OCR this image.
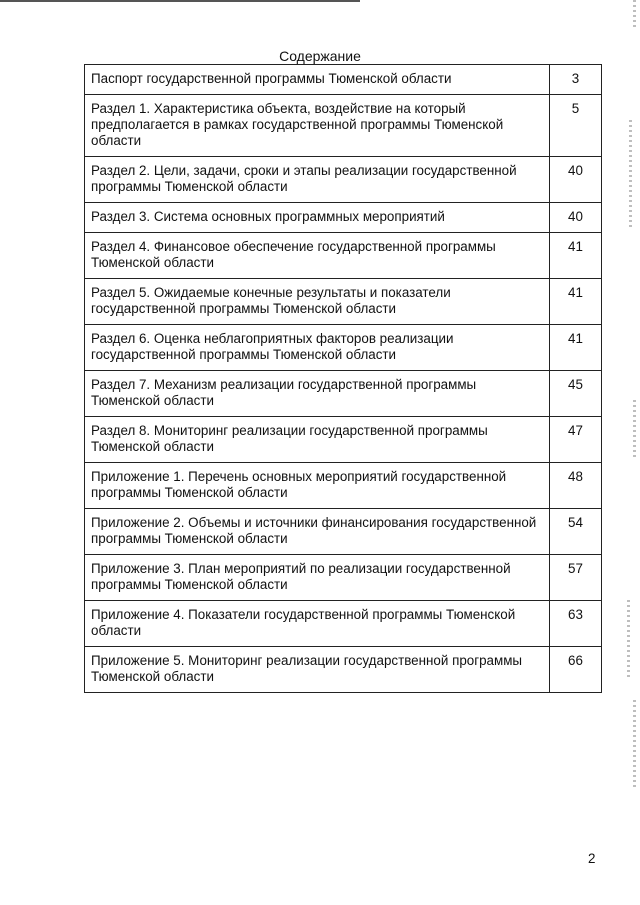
Содержание
Паспорт государственной программы Тюменской области	3
Раздел 1. Характеристика объекта, воздействие на который предполагается в рамках государственной программы Тюменской области	5
Раздел 2. Цели, задачи, сроки и этапы реализации государственной программы Тюменской области	40
Раздел 3. Система основных программных мероприятий	40
Раздел 4. Финансовое обеспечение государственной программы Тюменской области	41
Раздел 5. Ожидаемые конечные результаты и показатели государственной программы Тюменской области	41
Раздел 6. Оценка неблагоприятных факторов реализации государственной программы Тюменской области	41
Раздел 7. Механизм реализации государственной программы Тюменской области	45
Раздел 8. Мониторинг реализации государственной программы Тюменской области	47
Приложение 1. Перечень основных мероприятий государственной программы Тюменской области	48
Приложение 2. Объемы и источники финансирования государственной программы Тюменской области	54
Приложение 3. План мероприятий по реализации государственной программы Тюменской области	57
Приложение 4. Показатели государственной программы Тюменской области	63
Приложение 5. Мониторинг реализации государственной программы Тюменской области	66
2
